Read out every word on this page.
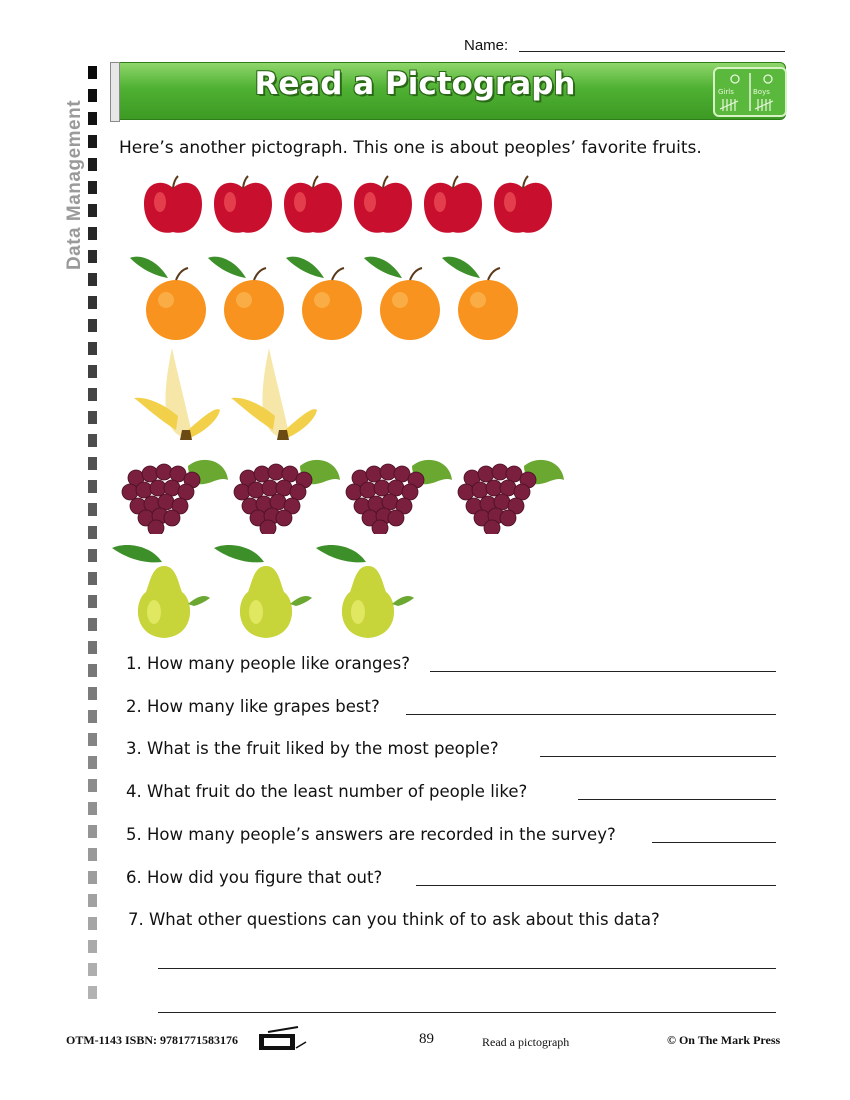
Name:
Data Management
Read a Pictograph	Girls	Boys
Here’s another pictograph. This one is about peoples’ favorite fruits.
1. How many people like oranges?
2. How many like grapes best?
3. What is the fruit liked by the most people?
4. What fruit do the least number of people like?
5. How many people’s answers are recorded in the survey?
6. How did you figure that out?
7. What other questions can you think of to ask about this data?
OTM-1143 ISBN: 9781771583176	89	Read a pictograph	© On The Mark Press
